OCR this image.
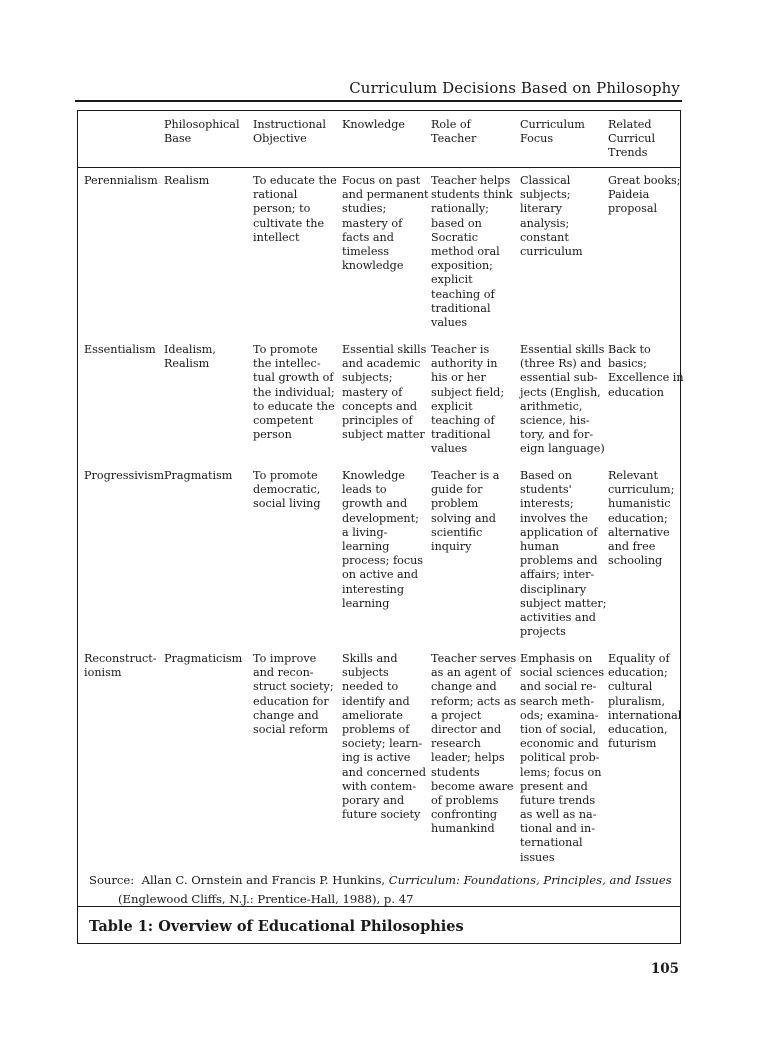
Curriculum Decisions Based on Philosophy
Philosophical
Base
Instructional
Objective
Knowledge Role of
Teacher
Curriculum
Focus
Related
Curricul
Trends
Perennialism Realism	To educate the
rational
person; to
cultivate the
intellect
Focus on past
and permanent
studies;
mastery of
facts and
timeless
knowledge
Teacher helps
students think
rationally;
based on
Socratic
method oral
exposition;
explicit
teaching of
traditional
values
Classical
subjects;
literary
analysis;
constant
curriculum
Great books;
Paideia
proposal
Essentialism Idealism,
Realism
To promote
the intellec-
tual growth of
the individual;
to educate the
competent
person
Essential skills
and academic
subjects;
mastery of
concepts and
principles of
subject matter
Teacher is
authority in
his or her
subject field;
explicit
teaching of
traditional
values
Essential skills
(three Rs) and
essential sub-
jects (English,
arithmetic,
science, his-
tory, and for-
eign language)
Back to
basics;
Excellence in
education
Progressivism Pragmatism To promote
democratic,
social living
Knowledge
leads to
growth and
development;
a living-
learning
process; focus
on active and
interesting
learning
Teacher is a
guide for
problem
solving and
scientific
inquiry
Based on
students'
interests;
involves the
application of
human
problems and
affairs; inter-
disciplinary
subject matter;
activities and
projects
Relevant
curriculum;
humanistic
education;
alternative
and free
schooling
Reconstruct-
ionism
Pragmaticism To improve
and recon-
struct society;
education for
change and
social reform
Skills and
subjects
needed to
identify and
ameliorate
problems of
society; learn-
ing is active
and concerned
with contem-
porary and
future society
Teacher serves
as an agent of
change and
reform; acts as
a project
director and
research
leader; helps
students
become aware
of problems
confronting
humankind
Emphasis on
social sciences
and social re-
search meth-
ods; examina-
tion of social,
economic and
political prob-
lems; focus on
present and
future trends
as well as na-
tional and in-
ternational
issues
Equality of
education;
cultural
pluralism,
international
education,
futurism
Source: Allan C. Ornstein and Francis P. Hunkins, Curriculum: Foundations, Principles, and Issues
(Englewood Cliffs, N.J.: Prentice-Hall, 1988), p. 47
Table 1: Overview of Educational Philosophies
105
